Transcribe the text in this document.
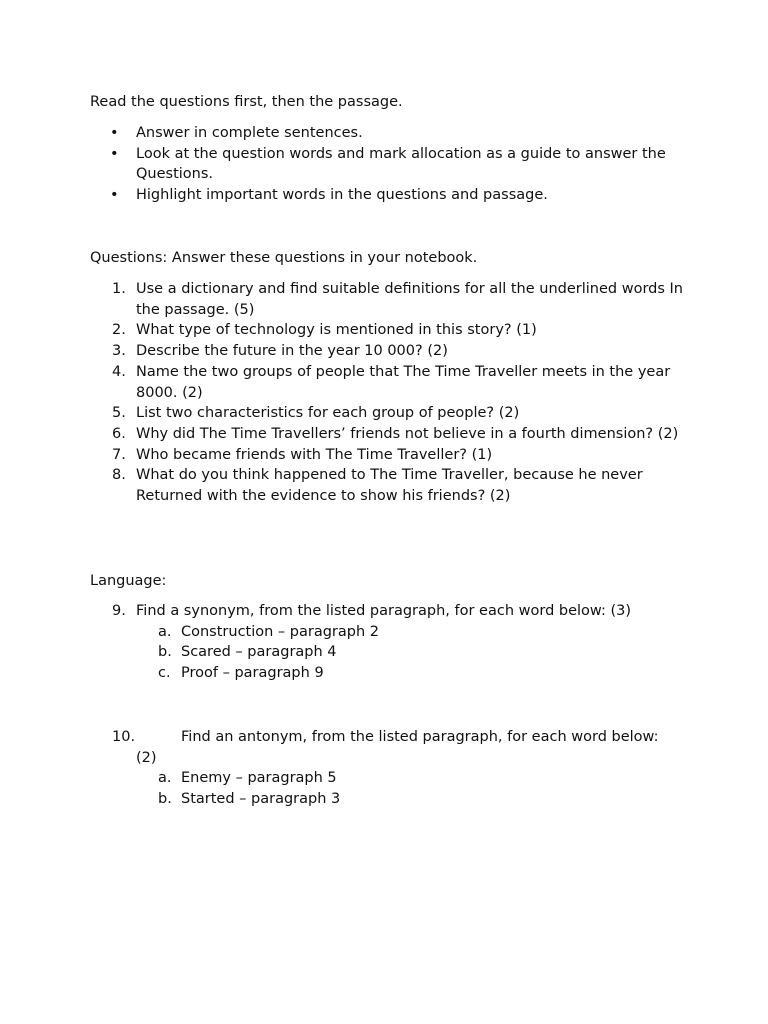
Read the questions first, then the passage.

• Answer in complete sentences.
• Look at the question words and mark allocation as a guide to answer the Questions.
• Highlight important words in the questions and passage.

Questions: Answer these questions in your notebook.

1. Use a dictionary and find suitable definitions for all the underlined words In the passage. (5)
2. What type of technology is mentioned in this story? (1)
3. Describe the future in the year 10 000? (2)
4. Name the two groups of people that The Time Traveller meets in the year 8000. (2)
5. List two characteristics for each group of people? (2)
6. Why did The Time Travellers’ friends not believe in a fourth dimension? (2)
7. Who became friends with The Time Traveller? (1)
8. What do you think happened to The Time Traveller, because he never Returned with the evidence to show his friends? (2)

Language:

9. Find a synonym, from the listed paragraph, for each word below: (3)
a. Construction – paragraph 2
b. Scared – paragraph 4
c. Proof – paragraph 9
10.	Find an antonym, from the listed paragraph, for each word below:
(2)
a. Enemy – paragraph 5
b. Started – paragraph 3
